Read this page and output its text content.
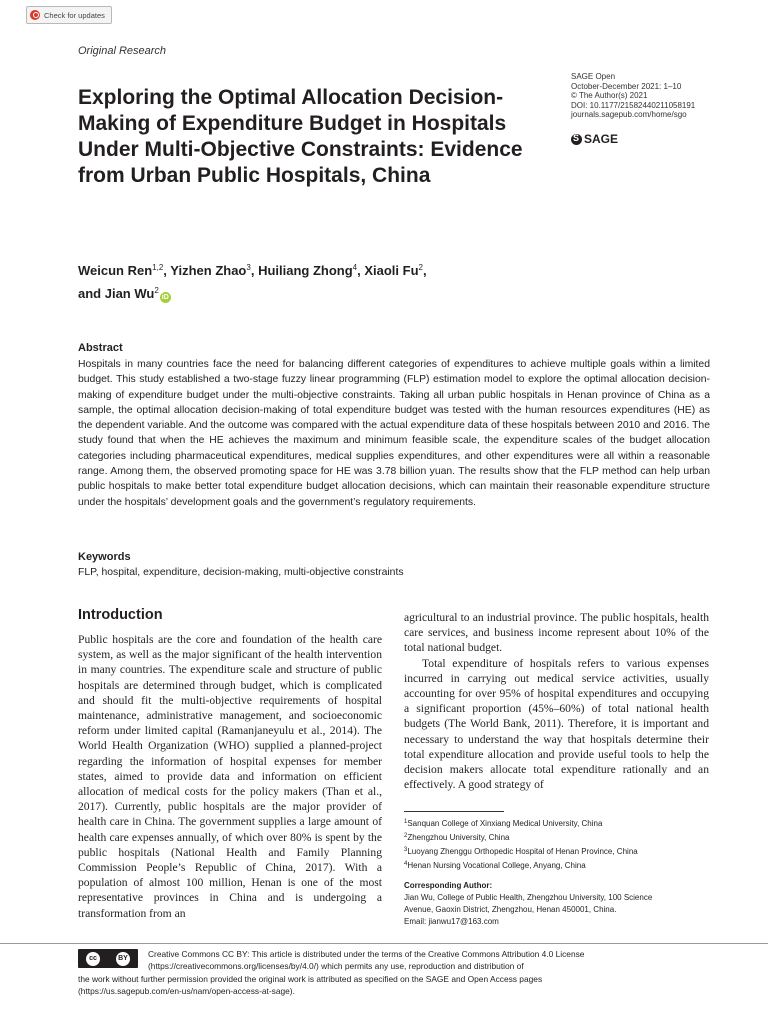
Check for updates
Original Research
Exploring the Optimal Allocation Decision-Making of Expenditure Budget in Hospitals Under Multi-Objective Constraints: Evidence from Urban Public Hospitals, China
SAGE Open
October-December 2021: 1–10
© The Author(s) 2021
DOI: 10.1177/21582440211058191
journals.sagepub.com/home/sgo
S
SAGE
Weicun Ren$^{1,2}$, Yizhen Zhao$^3$, Huiliang Zhong$^4$, Xiaoli Fu$^2$,
and Jian Wu$^2$iD
Abstract
Hospitals in many countries face the need for balancing different categories of expenditures to achieve multiple goals within a limited budget. This study established a two-stage fuzzy linear programming (FLP) estimation model to explore the optimal allocation decision-making of expenditure budget under the multi-objective constraints. Taking all urban public hospitals in Henan province of China as a sample, the optimal allocation decision-making of total expenditure budget was tested with the human resources expenditures (HE) as the dependent variable. And the outcome was compared with the actual expenditure data of these hospitals between 2010 and 2016. The study found that when the HE achieves the maximum and minimum feasible scale, the expenditure scales of the budget allocation categories including pharmaceutical expenditures, medical supplies expenditures, and other expenditures were all within a reasonable range. Among them, the observed promoting space for HE was 3.78 billion yuan. The results show that the FLP method can help urban public hospitals to make better total expenditure budget allocation decisions, which can maintain their reasonable expenditure structure under the hospitals’ development goals and the government’s regulatory requirements.
Keywords
FLP, hospital, expenditure, decision-making, multi-objective constraints
Introduction

Public hospitals are the core and foundation of the health care system, as well as the major significant of the health intervention in many countries. The expenditure scale and structure of public hospitals are determined through budget, which is complicated and should fit the multi-objective requirements of hospital maintenance, administrative management, and socioeconomic reform under limited capital (Ramanjaneyulu et al., 2014). The World Health Organization (WHO) supplied a planned-project regarding the information of hospital expenses for member states, aimed to provide data and information on efficient allocation of medical costs for the policy makers (Than et al., 2017). Currently, public hospitals are the major provider of health care in China. The government supplies a large amount of health care expenses annually, of which over 80% is spent by the public hospitals (National Health and Family Planning Commission People’s Republic of China, 2017). With a population of almost 100 million, Henan is one of the most representative provinces in China and is undergoing a transformation from an

agricultural to an industrial province. The public hospitals, health care services, and business income represent about 10% of the total national budget.

Total expenditure of hospitals refers to various expenses incurred in carrying out medical service activities, usually accounting for over 95% of hospital expenditures and occupying a significant proportion (45%–60%) of total national health budgets (The World Bank, 2011). Therefore, it is important and necessary to understand the way that hospitals determine their total expenditure allocation and provide useful tools to help the decision makers allocate total expenditure rationally and an effectively. A good strategy of

$^1$Sanquan College of Xinxiang Medical University, China
$^2$Zhengzhou University, China
$^3$Luoyang Zhenggu Orthopedic Hospital of Henan Province, China
$^4$Henan Nursing Vocational College, Anyang, China
Corresponding Author:
Jian Wu, College of Public Health, Zhengzhou University, 100 Science
Avenue, Gaoxin District, Zhengzhou, Henan 450001, China.
Email: jianwu17@163.com
cc	BY	Creative Commons CC BY: This article is distributed under the terms of the Creative Commons Attribution 4.0 License
(https://creativecommons.org/licenses/by/4.0/) which permits any use, reproduction and distribution of
the work without further permission provided the original work is attributed as specified on the SAGE and Open Access pages
(https://us.sagepub.com/en-us/nam/open-access-at-sage).
